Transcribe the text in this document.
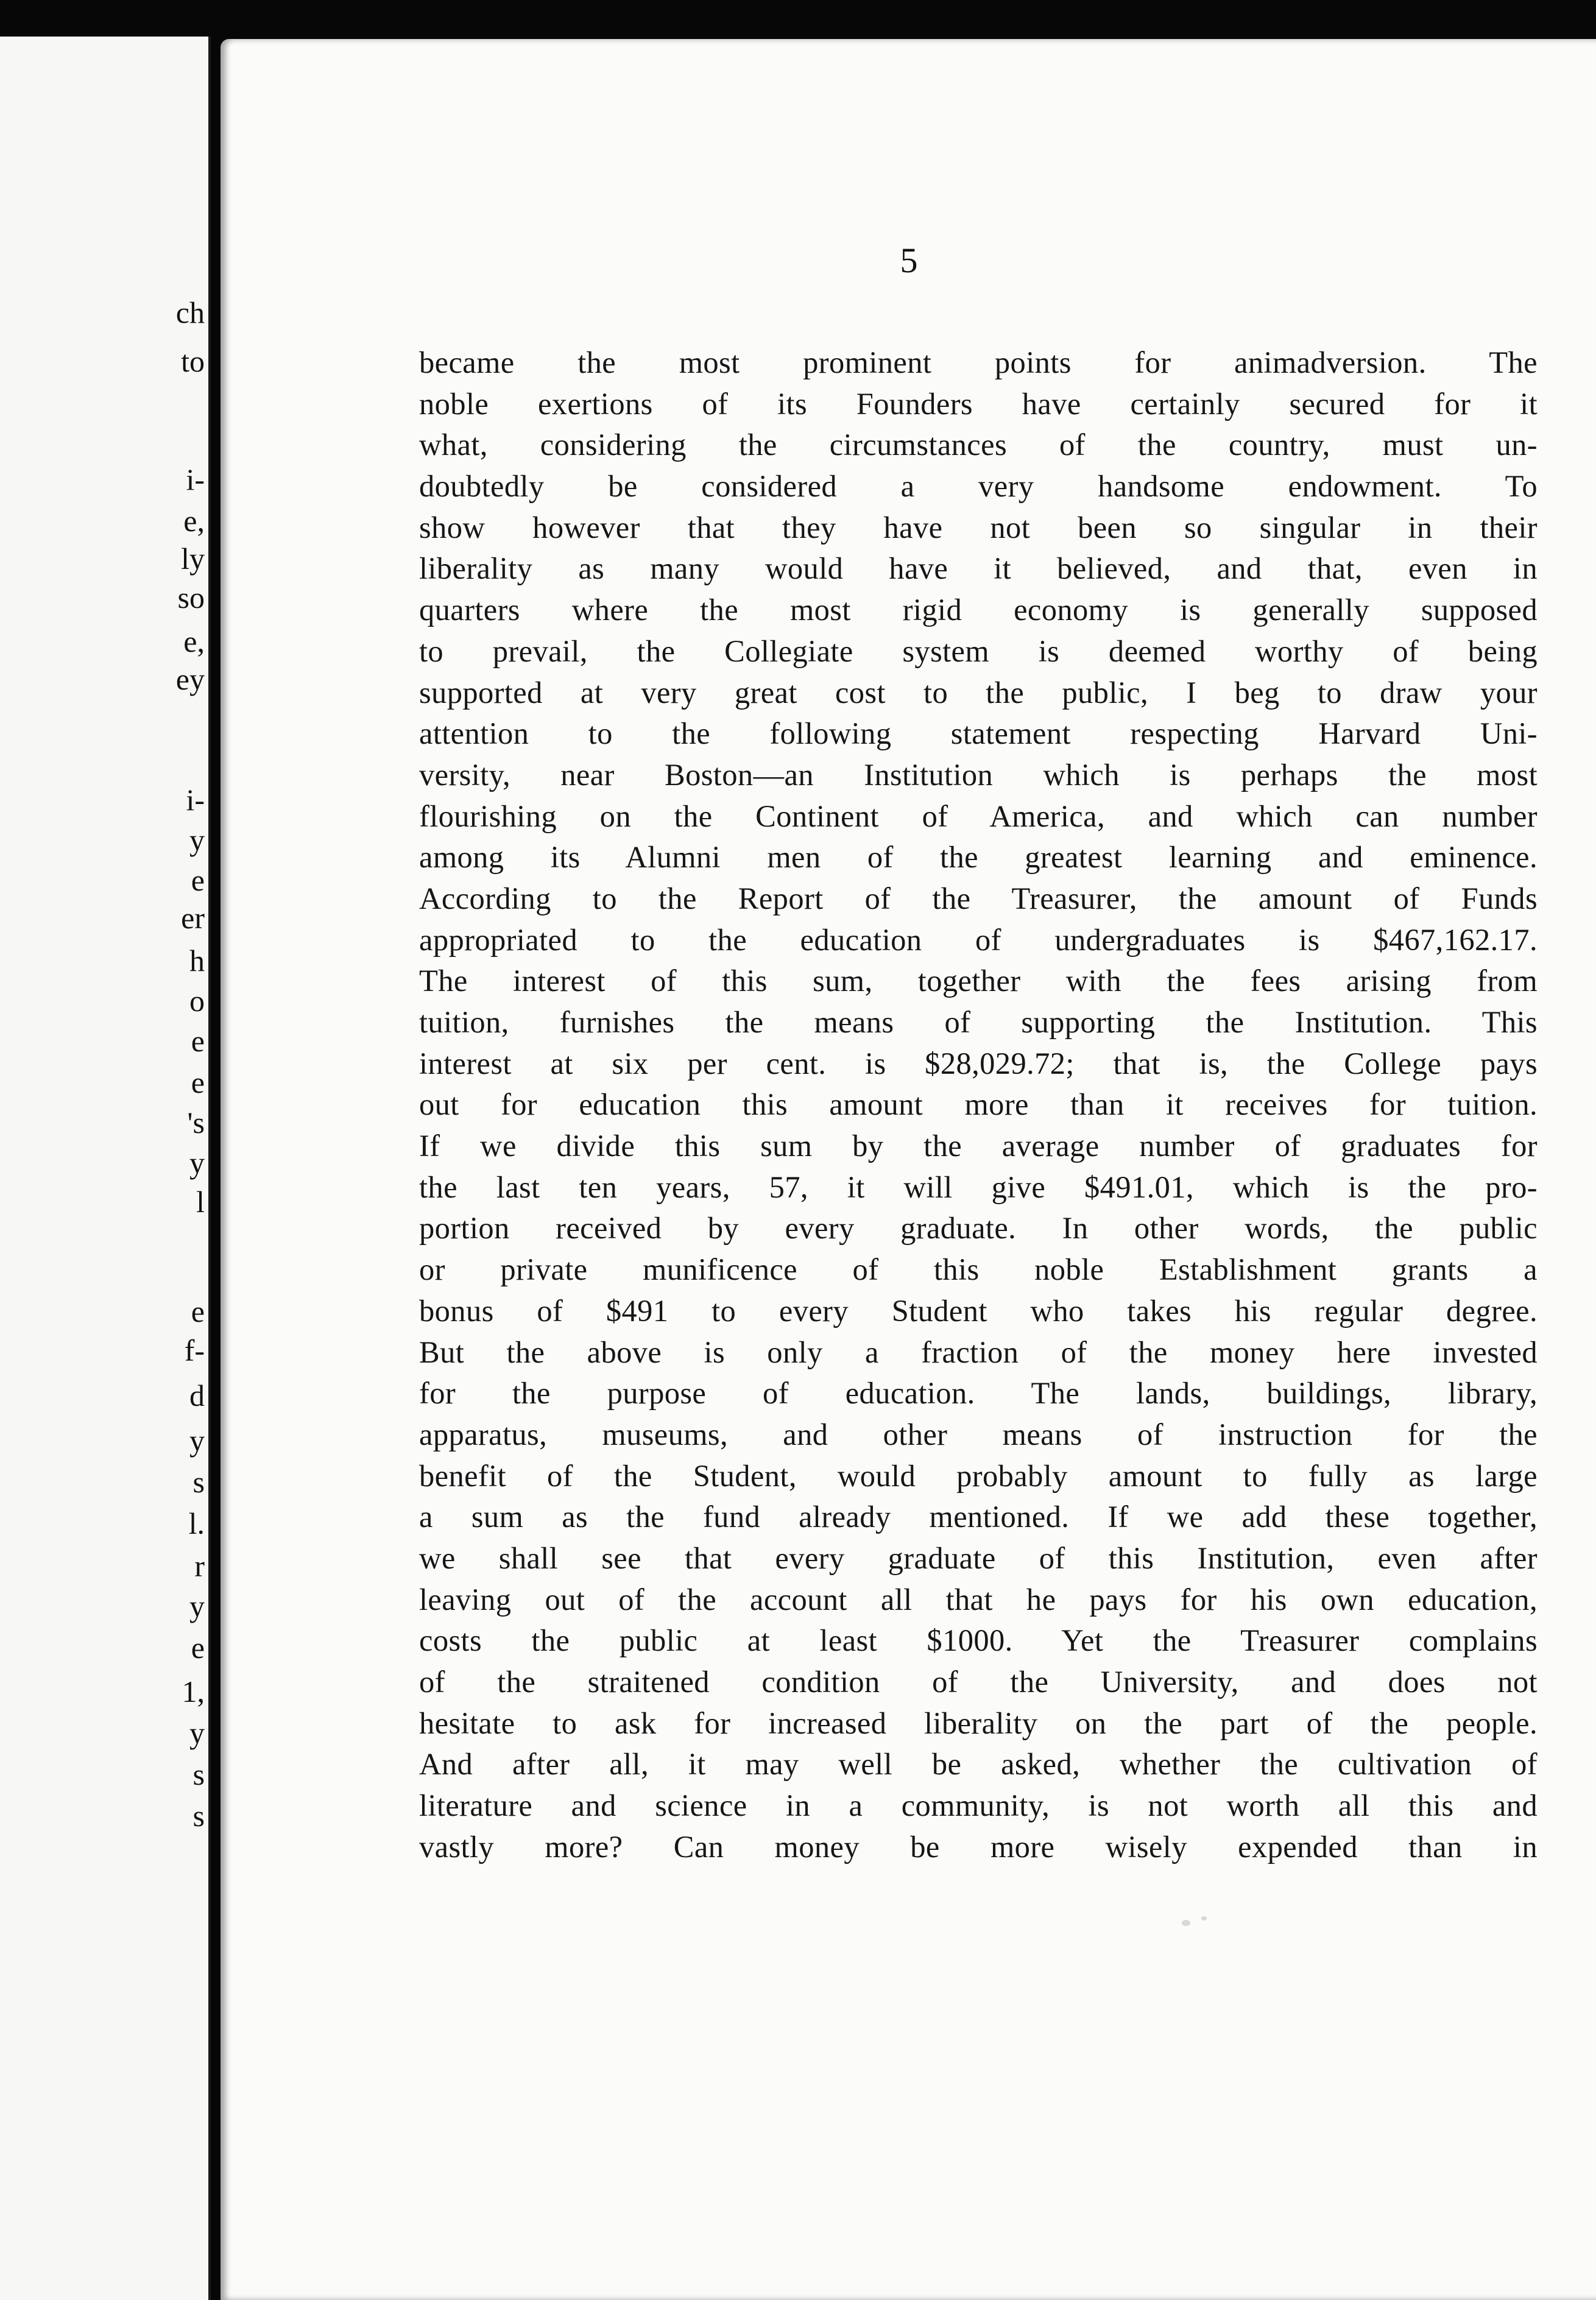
ch
to
i-
e,
ly
so
e,
ey
i-
y
e
er
h
o
e
e
's
y
l
e
f-
d
y
s
l.
r
y
e
1,
y
s
s
5
became the most prominent points for animadversion. The
noble exertions of its Founders have certainly secured for it
what, considering the circumstances of the country, must un-
doubtedly be considered a very handsome endowment. To
show however that they have not been so singular in their
liberality as many would have it believed, and that, even in
quarters where the most rigid economy is generally supposed
to prevail, the Collegiate system is deemed worthy of being
supported at very great cost to the public, I beg to draw your
attention to the following statement respecting Harvard Uni-
versity, near Boston—an Institution which is perhaps the most
flourishing on the Continent of America, and which can number
among its Alumni men of the greatest learning and eminence.
According to the Report of the Treasurer, the amount of Funds
appropriated to the education of undergraduates is $467,162.17.
The interest of this sum, together with the fees arising from
tuition, furnishes the means of supporting the Institution. This
interest at six per cent. is $28,029.72; that is, the College pays
out for education this amount more than it receives for tuition.
If we divide this sum by the average number of graduates for
the last ten years, 57, it will give $491.01, which is the pro-
portion received by every graduate. In other words, the public
or private munificence of this noble Establishment grants a
bonus of $491 to every Student who takes his regular degree.
But the above is only a fraction of the money here invested
for the purpose of education. The lands, buildings, library,
apparatus, museums, and other means of instruction for the
benefit of the Student, would probably amount to fully as large
a sum as the fund already mentioned. If we add these together,
we shall see that every graduate of this Institution, even after
leaving out of the account all that he pays for his own education,
costs the public at least $1000. Yet the Treasurer complains
of the straitened condition of the University, and does not
hesitate to ask for increased liberality on the part of the people.
And after all, it may well be asked, whether the cultivation of
literature and science in a community, is not worth all this and
vastly more? Can money be more wisely expended than in
